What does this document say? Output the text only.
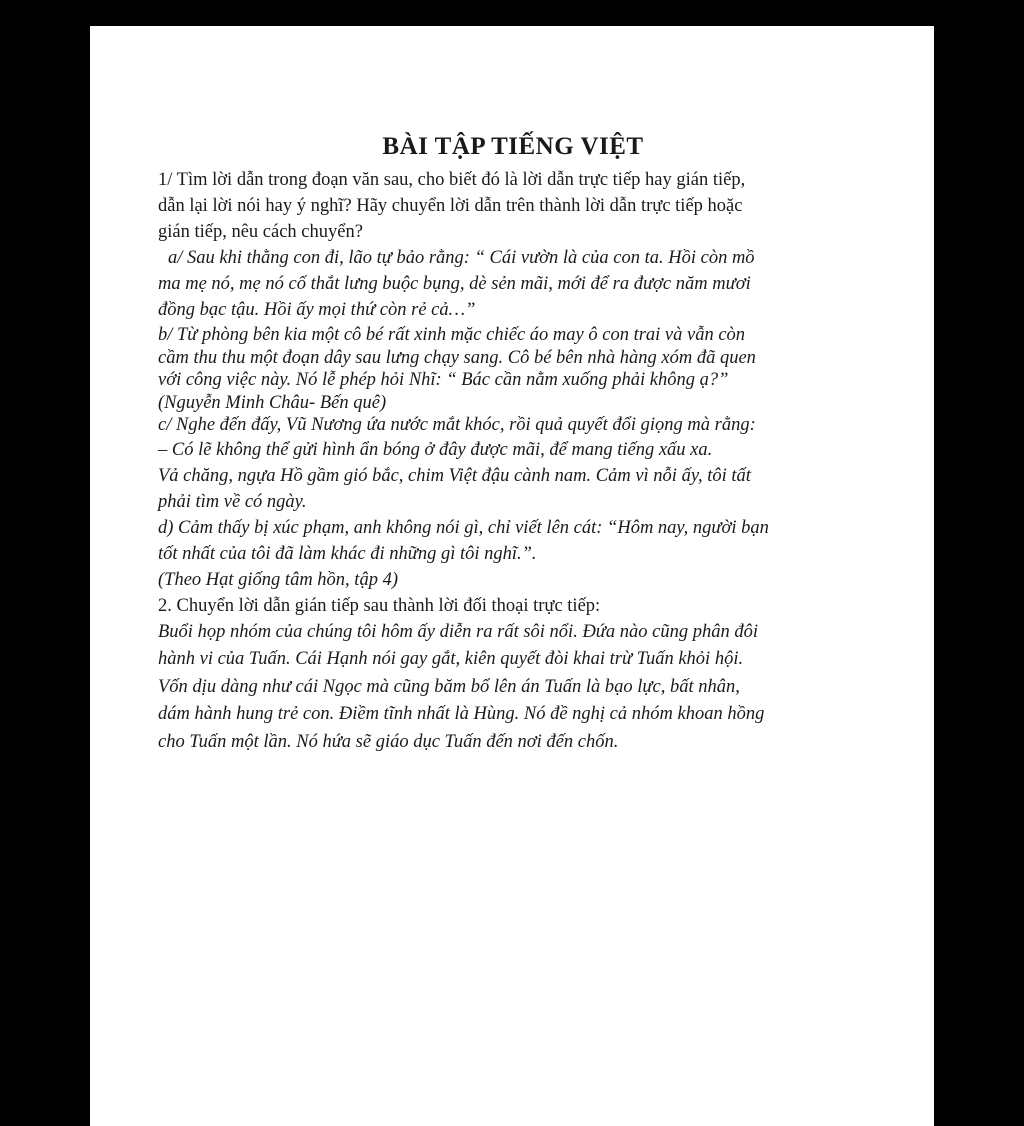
BÀI TẬP TIẾNG VIỆT
1/ Tìm lời dẫn trong đoạn văn sau, cho biết đó là lời dẫn trực tiếp hay gián tiếp,
dẫn lại lời nói hay ý nghĩ? Hãy chuyển lời dẫn trên thành lời dẫn trực tiếp hoặc
gián tiếp, nêu cách chuyển?
a/ Sau khi thằng con đi, lão tự bảo rằng: “ Cái vườn là của con ta. Hồi còn mồ
ma mẹ nó, mẹ nó cố thắt lưng buộc bụng, dè sẻn mãi, mới để ra được năm mươi
đồng bạc tậu. Hồi ấy mọi thứ còn rẻ cả…”
b/ Từ phòng bên kia một cô bé rất xinh mặc chiếc áo may ô con trai và vẫn còn
cầm thu thu một đoạn dây sau lưng chạy sang. Cô bé bên nhà hàng xóm đã quen
với công việc này. Nó lễ phép hỏi Nhĩ: “ Bác cần nằm xuống phải không ạ?”
(Nguyễn Minh Châu- Bến quê)
c/ Nghe đến đấy, Vũ Nương ứa nước mắt khóc, rồi quả quyết đổi giọng mà rằng:
– Có lẽ không thể gửi hình ẩn bóng ở đây được mãi, để mang tiếng xấu xa.
Vả chăng, ngựa Hồ gầm gió bắc, chim Việt đậu cành nam. Cảm vì nỗi ấy, tôi tất
phải tìm về có ngày.
d) Cảm thấy bị xúc phạm, anh không nói gì, chỉ viết lên cát: “Hôm nay, người bạn
tốt nhất của tôi đã làm khác đi những gì tôi nghĩ.”.
(Theo Hạt giống tâm hồn, tập 4)
2. Chuyển lời dẫn gián tiếp sau thành lời đối thoại trực tiếp:
Buổi họp nhóm của chúng tôi hôm ấy diễn ra rất sôi nổi. Đứa nào cũng phân đôi
hành vi của Tuấn. Cái Hạnh nói gay gắt, kiên quyết đòi khai trừ Tuấn khỏi hội.
Vốn dịu dàng như cái Ngọc mà cũng băm bổ lên án Tuấn là bạo lực, bất nhân,
dám hành hung trẻ con. Điềm tĩnh nhất là Hùng. Nó đề nghị cả nhóm khoan hồng
cho Tuấn một lần. Nó hứa sẽ giáo dục Tuấn đến nơi đến chốn.
